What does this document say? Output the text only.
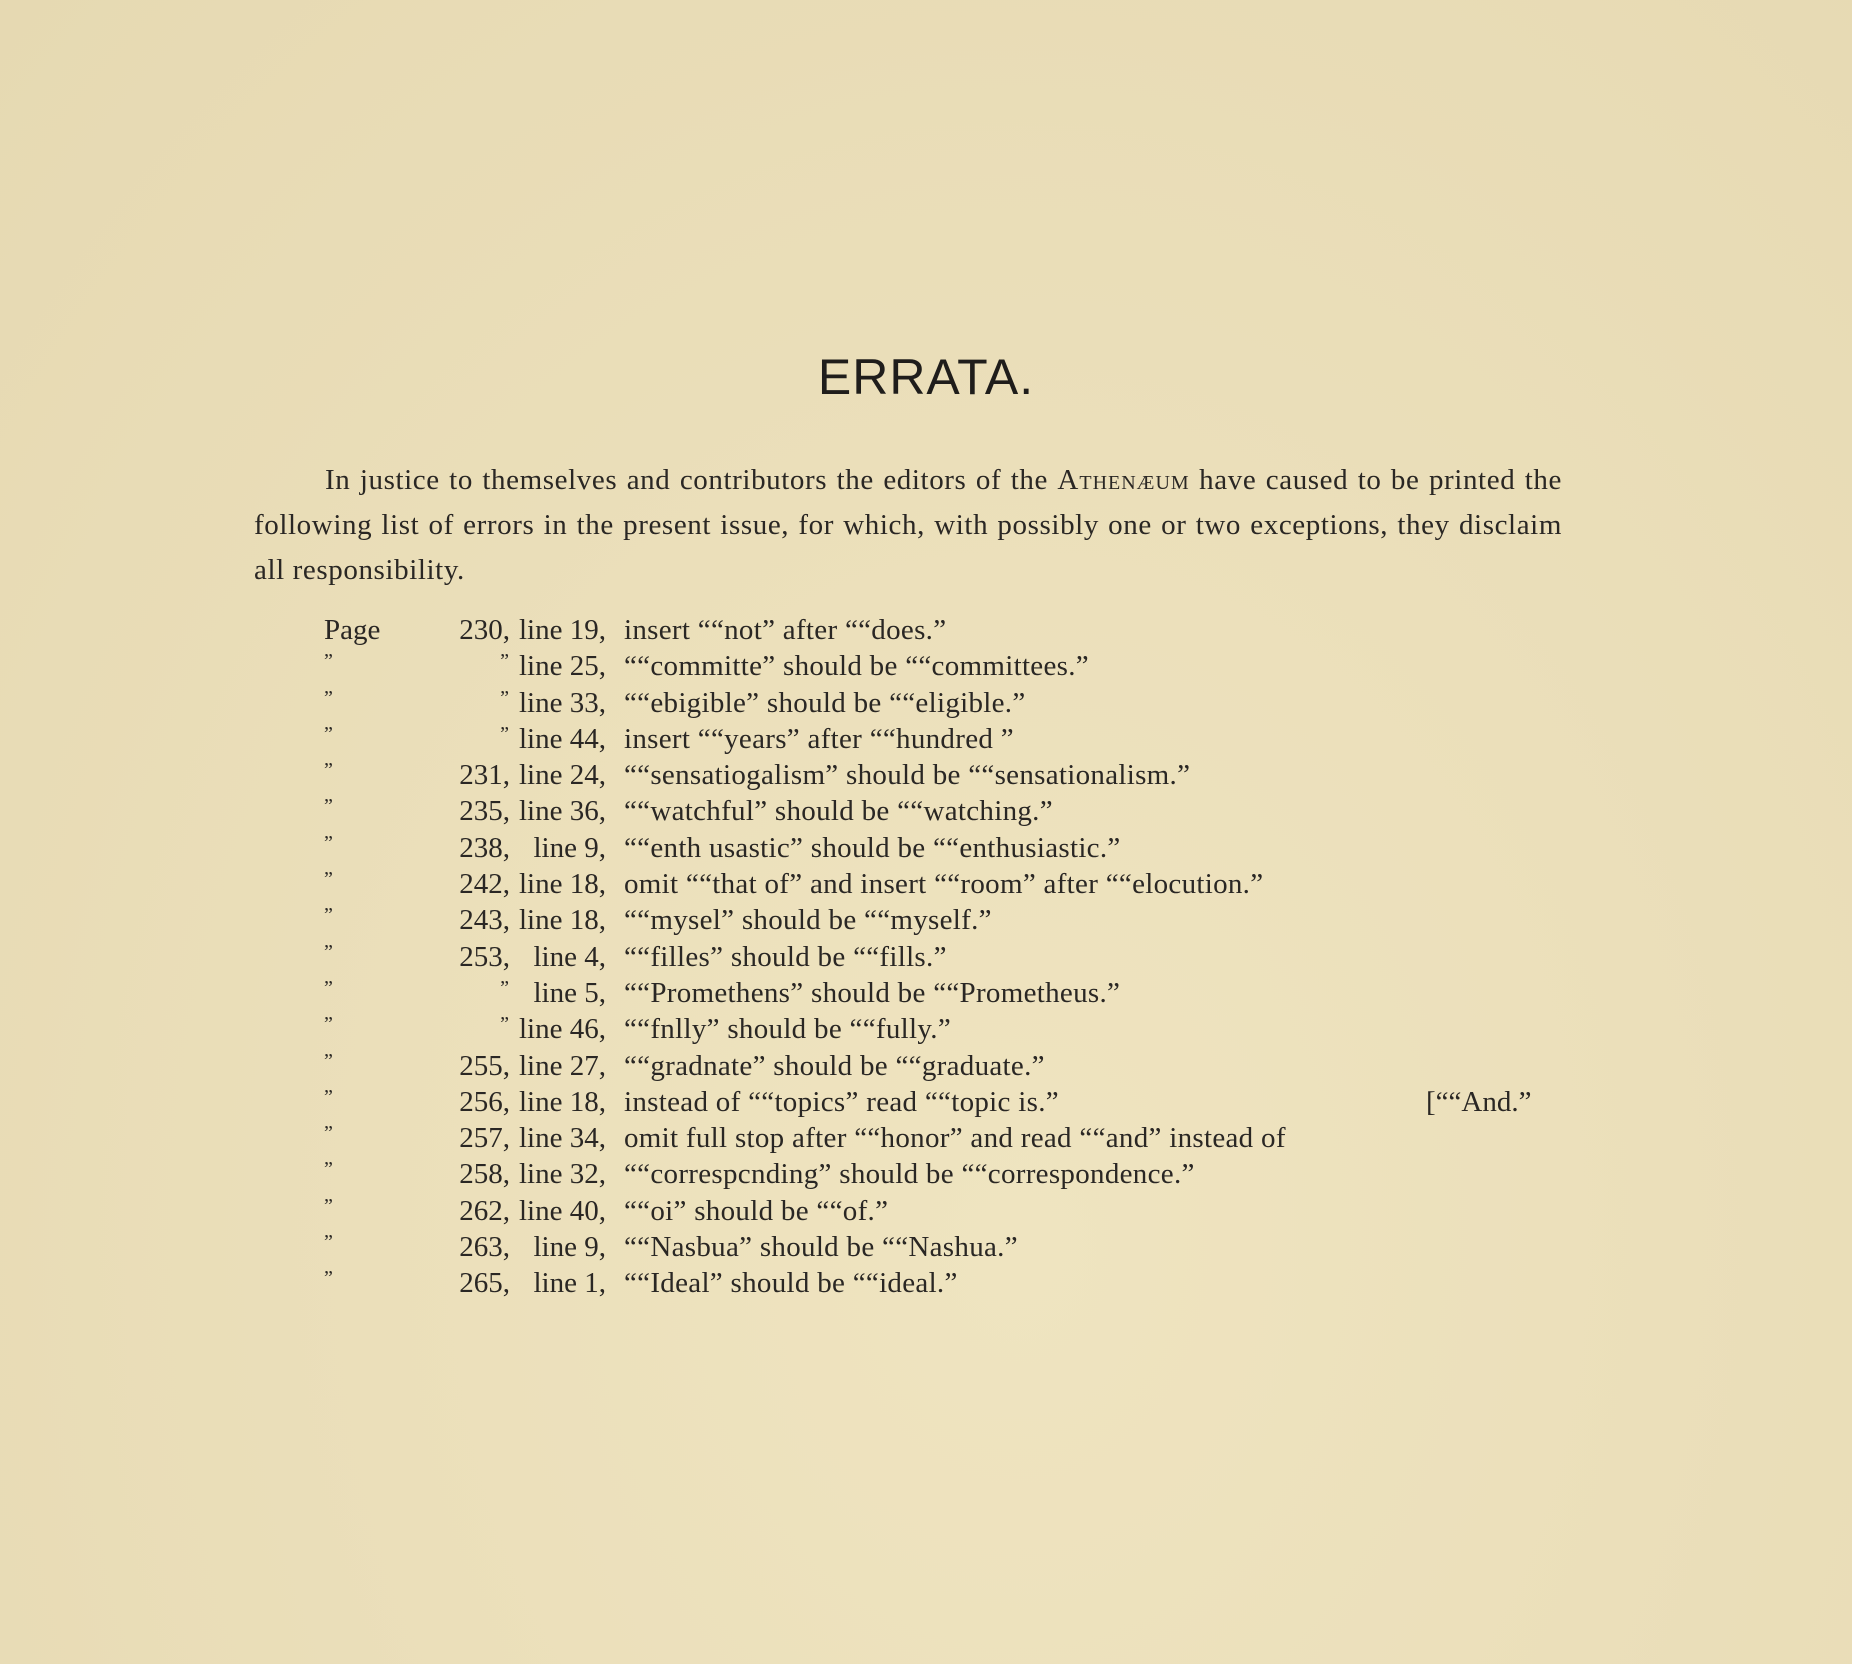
ERRATA.

In justice to themselves and contributors the editors of the Athenæum have caused to be printed the following list of errors in the present issue, for which, with possibly one or two exceptions, they disclaim all responsibility.

Page	230, line 19, insert ““not” after ““does.”
”	” line 25, ““committe” should be ““committees.”
”	” line 33, ““ebigible” should be ““eligible.”
”	” line 44, insert ““years” after ““hundred ”
”	231, line 24, ““sensatiogalism” should be ““sensationalism.”
”	235, line 36, ““watchful” should be ““watching.”
”	238, line 9, ““enth usastic” should be ““enthusiastic.”
”	242, line 18, omit ““that of” and insert ““room” after ““elocution.”
”	243, line 18, ““mysel” should be ““myself.”
”	253, line 4, ““filles” should be ““fills.”
”	” line 5, ““Promethens” should be ““Prometheus.”
”	” line 46, ““fnlly” should be ““fully.”
”	255, line 27, ““gradnate” should be ““graduate.”
”	256, line 18, instead of ““topics” read ““topic is.”	[““And.”
”	257, line 34, omit full stop after ““honor” and read ““and” instead of
”	258, line 32, ““correspcnding” should be ““correspondence.”
”	262, line 40, ““oi” should be ““of.”
”	263, line 9, ““Nasbua” should be ““Nashua.”
”	265, line 1, ““Ideal” should be ““ideal.”
